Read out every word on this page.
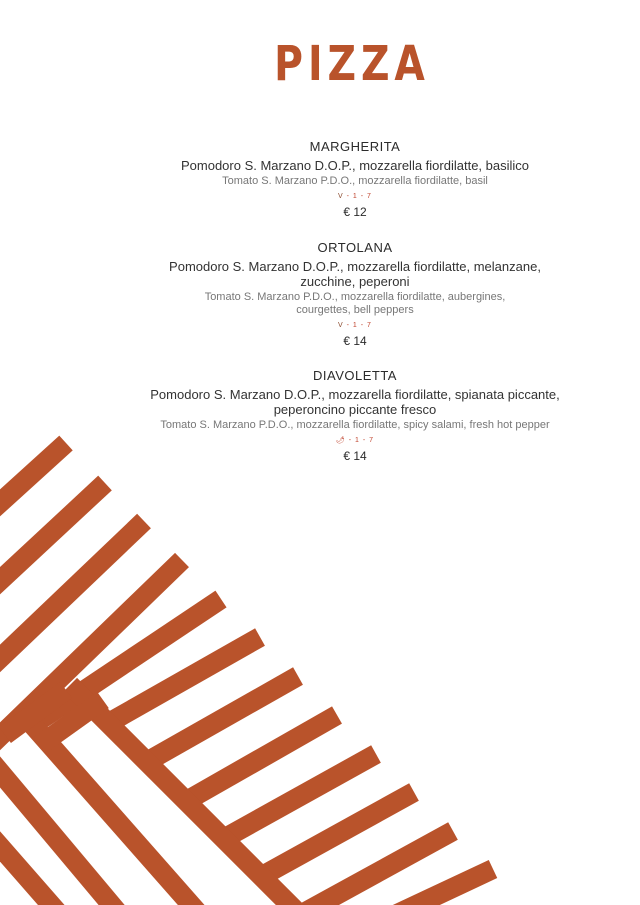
PIZZA
MARGHERITA
Pomodoro S. Marzano D.O.P., mozzarella fiordilatte, basilico
Tomato S. Marzano P.D.O., mozzarella fiordilatte, basil
V - 1 - 7
€ 12
ORTOLANA
Pomodoro S. Marzano D.O.P., mozzarella fiordilatte, melanzane,
zucchine, peperoni
Tomato S. Marzano P.D.O., mozzarella fiordilatte, aubergines,
courgettes, bell peppers
V - 1 - 7
€ 14
DIAVOLETTA
Pomodoro S. Marzano D.O.P., mozzarella fiordilatte, spianata piccante,
peperoncino piccante fresco
Tomato S. Marzano P.D.O., mozzarella fiordilatte, spicy salami, fresh hot pepper
🌶 - 1 - 7
€ 14
